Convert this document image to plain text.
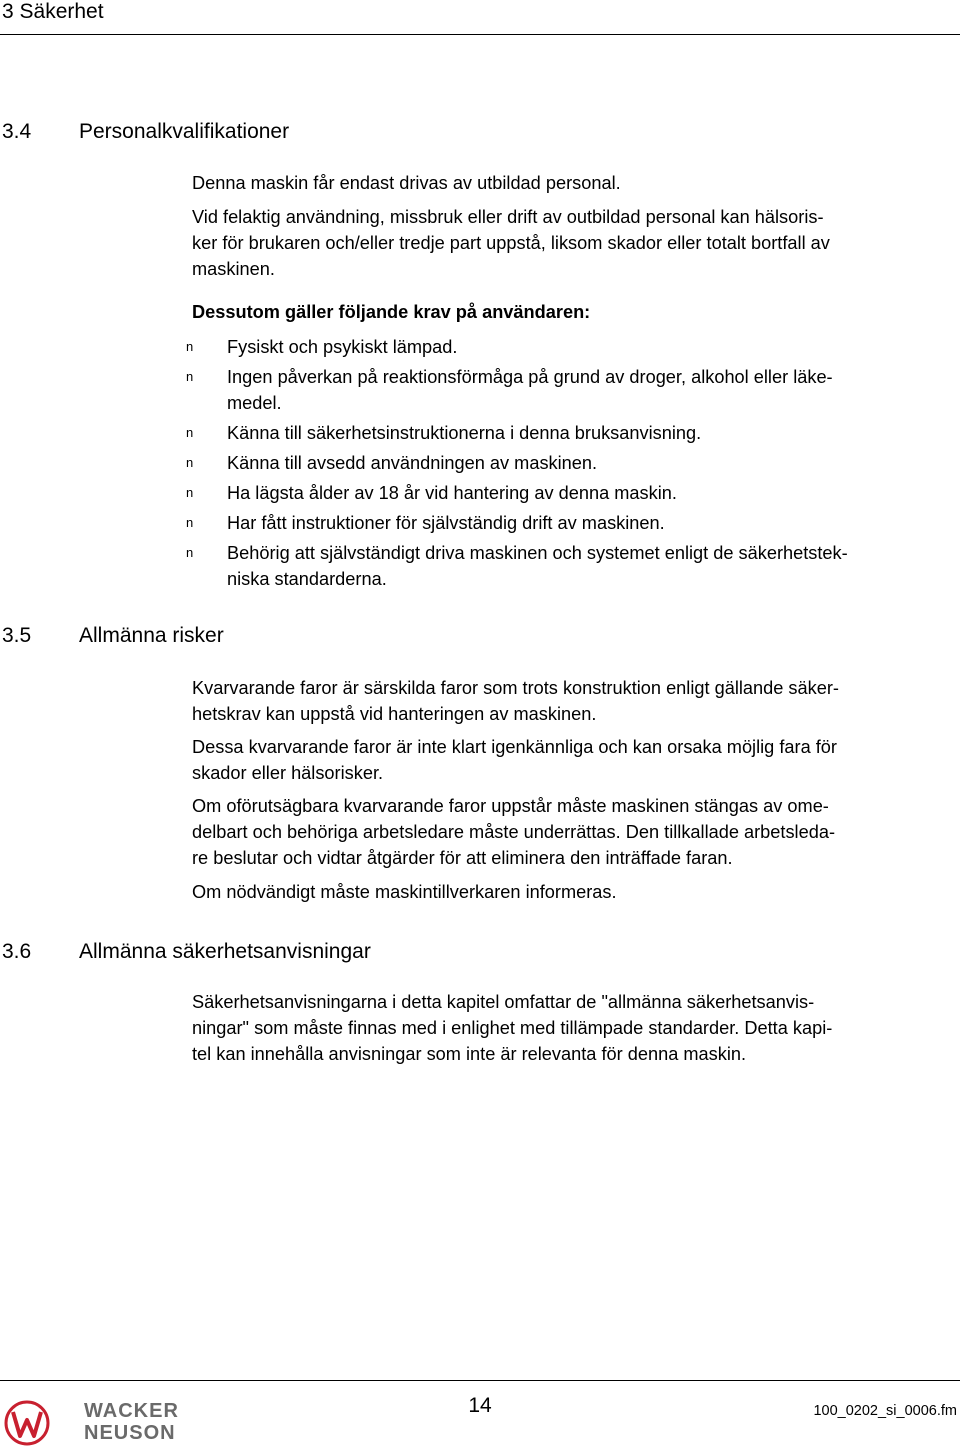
3 Säkerhet
3.4 Personalkvalifikationer
Denna maskin får endast drivas av utbildad personal.
Vid felaktig användning, missbruk eller drift av outbildad personal kan hälsoris-
ker för brukaren och/eller tredje part uppstå, liksom skador eller totalt bortfall av
maskinen.
Dessutom gäller följande krav på användaren:
n Fysiskt och psykiskt lämpad.
n Ingen påverkan på reaktionsförmåga på grund av droger, alkohol eller läke-
medel.
n Känna till säkerhetsinstruktionerna i denna bruksanvisning.
n Känna till avsedd användningen av maskinen.
n Ha lägsta ålder av 18 år vid hantering av denna maskin.
n Har fått instruktioner för självständig drift av maskinen.
n Behörig att självständigt driva maskinen och systemet enligt de säkerhetstek-
niska standarderna.
3.5 Allmänna risker
Kvarvarande faror är särskilda faror som trots konstruktion enligt gällande säker-
hetskrav kan uppstå vid hanteringen av maskinen.
Dessa kvarvarande faror är inte klart igenkännliga och kan orsaka möjlig fara för
skador eller hälsorisker.
Om oförutsägbara kvarvarande faror uppstår måste maskinen stängas av ome-
delbart och behöriga arbetsledare måste underrättas. Den tillkallade arbetsleda-
re beslutar och vidtar åtgärder för att eliminera den inträffade faran.
Om nödvändigt måste maskintillverkaren informeras.
3.6 Allmänna säkerhetsanvisningar
Säkerhetsanvisningarna i detta kapitel omfattar de "allmänna säkerhetsanvis-
ningar" som måste finnas med i enlighet med tillämpade standarder. Detta kapi-
tel kan innehålla anvisningar som inte är relevanta för denna maskin.
WACKER
NEUSON
14	100_0202_si_0006.fm
